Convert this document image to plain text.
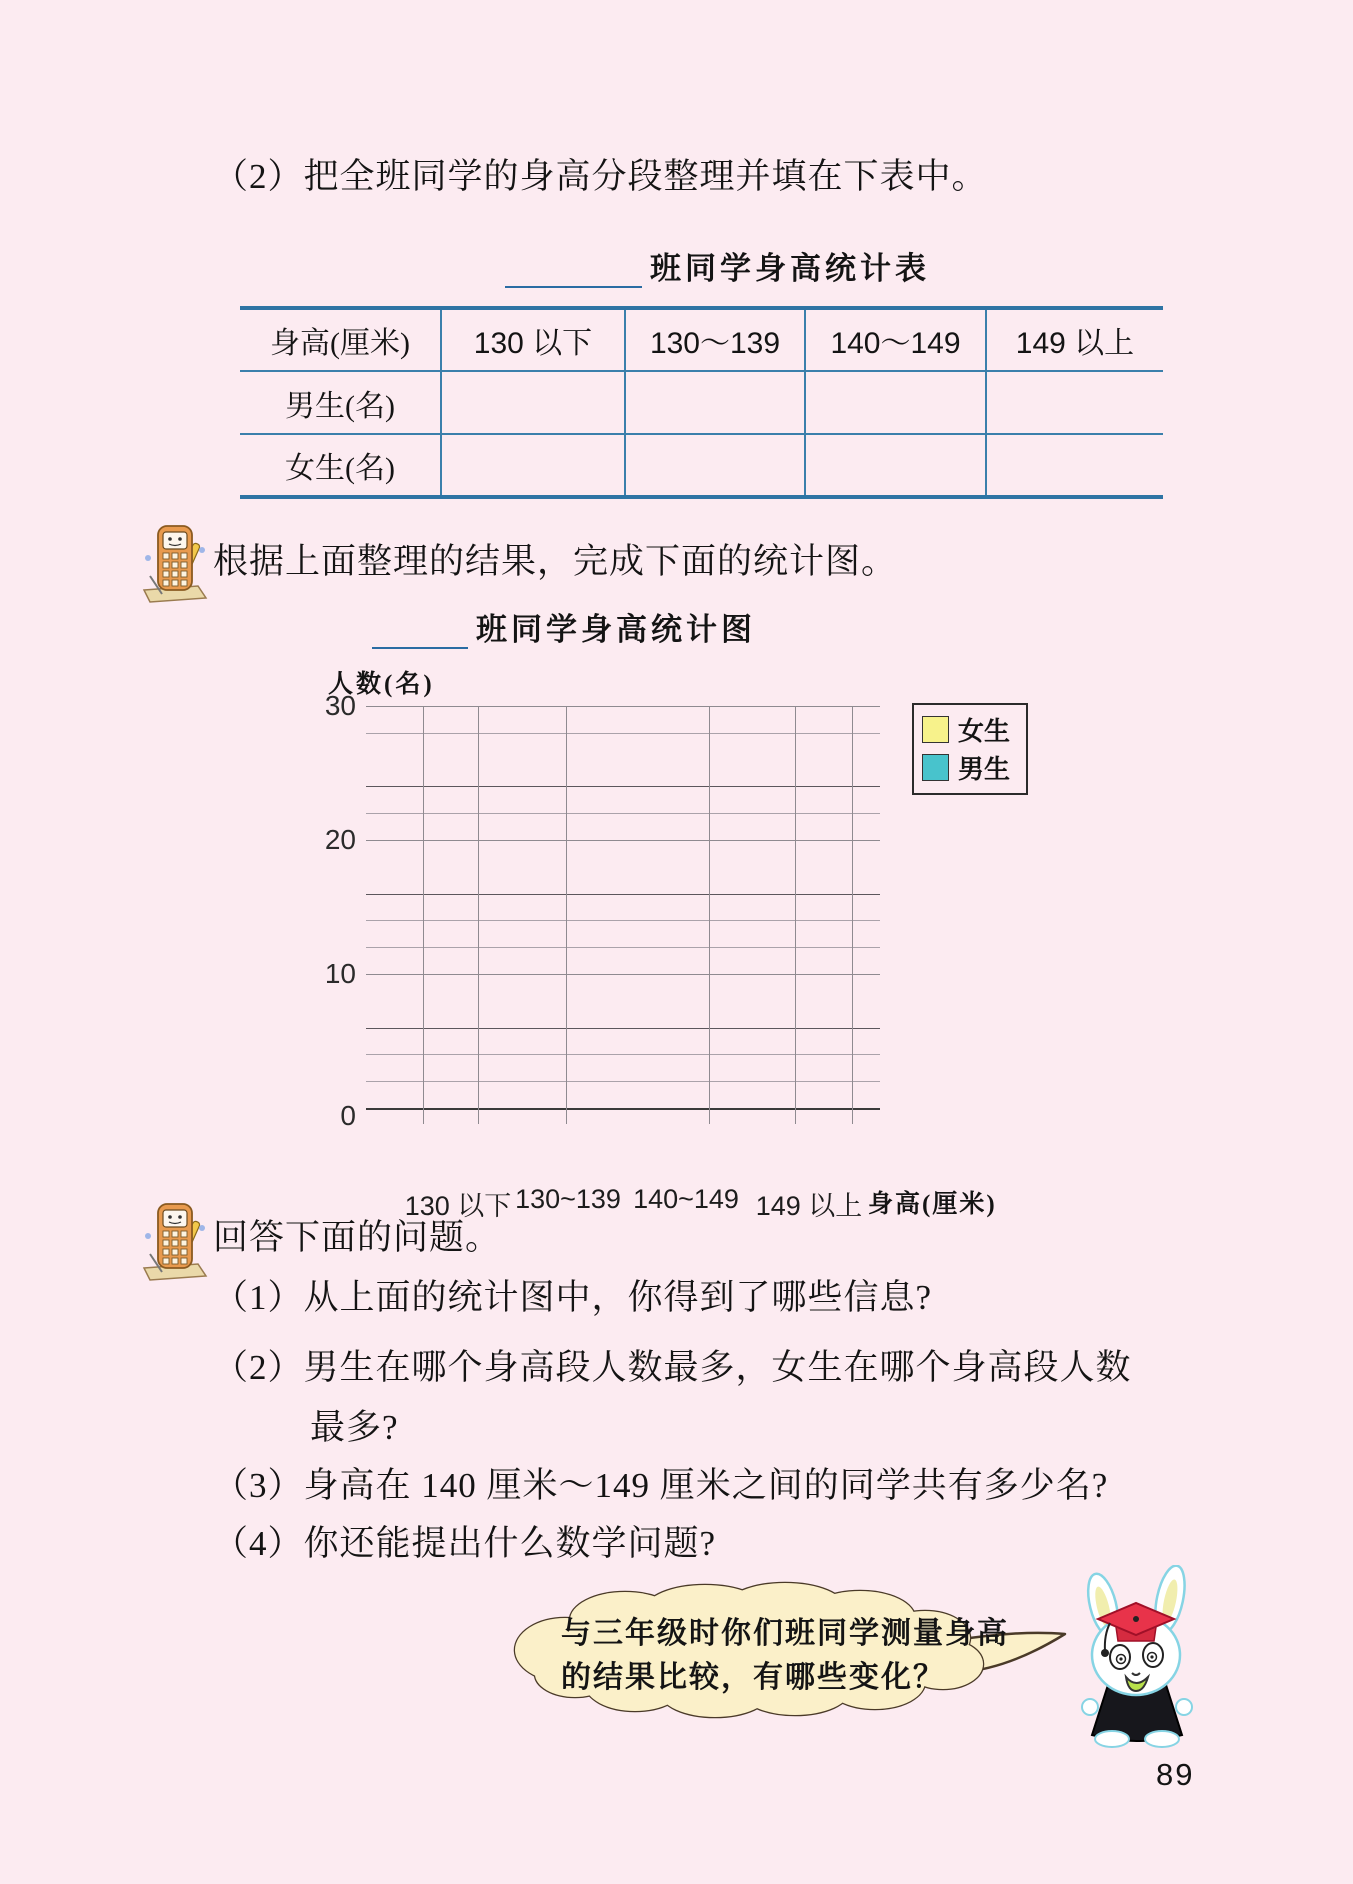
（2）把全班同学的身高分段整理并填在下表中。
班同学身高统计表
身高(厘米)	130 以下	130～139	140～149	149 以上
男生(名)
女生(名)
根据上面整理的结果，完成下面的统计图。
班同学身高统计图
人数(名)
30
20
10
0
130 以下 130~139 140~149 149 以上 身高(厘米)
女生
男生
回答下面的问题。
（1）从上面的统计图中，你得到了哪些信息?
（2）男生在哪个身高段人数最多，女生在哪个身高段人数
最多?
（3）身高在 140 厘米～149 厘米之间的同学共有多少名?
（4）你还能提出什么数学问题?
与三年级时你们班同学测量身高
的结果比较，有哪些变化？
89
